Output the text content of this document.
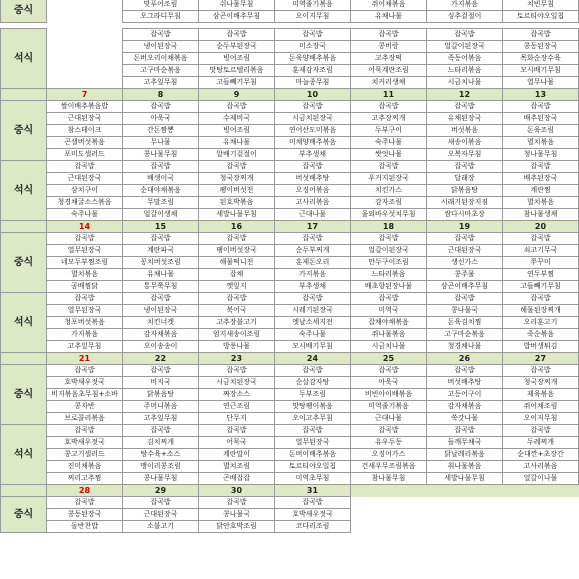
중식		맞푸어조림	쉬나물무침	미역줄기볶음	쥐어채볶음	가지볶음	치빈무침
		오그라디무침	삼곤이배추무침	오이지무침	유채나물	싱추겉절이	토르티야오일칩
석식		잡곡밥	잡곡밥	잡곡밥	잡곡밥	잡곡밥	잡곡밥
		냉이된장국	순두부된장국	미소장국	콩비랑	얼갈이된장국	콩동된장국
		돈버오리이채볶음	빙어조림	돈육양배추볶음	고추장떡	족동어볶음	목화순장수육
		고구마순볶음	맛탕토르텔리볶음	훈제감자조림	어묵계란조림	느타리볶음	모시배기무침
		고추잎무침	고들빼기무침	마늘종무침	치커리생채	시금치나물	열무나물
	7	8	9	10	11	12	13
중식	쌀이배추볶음밥	잡곡밥	잡곡밥	잡곡밥	잡곡밥	잡곡밥	잡곡밥
	근대된장국	아욱국	수제비국	시금치된장국	고추장찌개	유채된장국	배추된장국
	참스테이크	간돈짬뽕	빙어조림	연어산도미볶음	두부구이	버섯볶음	돈육조림
	곤샐버섯볶음	무나물	유채나물	미채양배추볶음	숙주나물	새송이볶음	멸치볶음
	포미도샐러드	콩나물무침	알배기겉절이	부추생채	쌋엇나물	오복자무침	청나물무침
석식	잡곡밥	잡곡밥	잡곡밥	잡곡밥	잡곡밥	잡곡밥	잡곡밥
	근대된장국	배생이국	청국장찌개	버섯배추탕	우거지된장국	달래장	배추된장국
	삼치구이	순대야채볶음	팽이버섯전	오징어볶음	치킨가스	닭볶음탕	계란찜
	청경채굴소스볶음	무말조림	된호박볶음	고사리볶음	감자조림	시래기된장지짐	멸치볶음
	숙주나물	얼갈이생채	세발나물무침	근대나물	울외바우섯치무침	쌈다시마초장	참나물생채
	14	15	16	17	18	19	20
중식	잡곡밥	잡곡밥	잡곡밥	잡곡밥	잡곡밥	잡곡밥	잡곡밥
	열무된장국	계란파국	팽이버섯장국	순두부찌개	얼갈이된장국	근대된장국	쇠고기무국
	네모두부찜조림	꽁치버섯조림	해물떡니전	훈제돈오리	만두구이조림	생선가스	쭈꾸미
	멸치볶음	유채나물	잡채	가지볶음	느타리볶음	콩주물	연두부찜
	곰배찜닭	통무쭉무침	깻잎지	부추생채	배초향된장나물	삼곤이배추무침	고들빼기무침
석식	잡곡밥	잡곡밥	잡곡밥	잡곡밥	잡곡밥	잡곡밥	잡곡밥
	열무된장국	냉이된장국	북어국	시레기된장국	미역국	콩나물국	해물된장찌개
	청포버섯볶음	치킨너겟	고추장불고기	엣날소세지전	잡채야채볶음	돈육김치찜	오리훈고기
	가지볶음	감자채볶음	엄지새송이조림	숙주나물	쥐나물볶음	고구마순볶음	죽순볶음
	고추잎무침	오이송송이	방풍나물	모시배기무침	시금치나물	청경채나물	밥버생튀김
	21	22	23	24	25	26	27
중식	잡곡밥	잡곡밥	잡곡밥	잡곡밥	잡곡밥	잡곡밥	잡곡밥
	호박새우젓국	비지국	시금치된장국	순살감자탕	아욱국	버섯배추탕	청국장찌개
	비지볶음초무침+소바	닭볶음탕	짜장소스	두부조림	비빈아이배볶음	고등어구이	제육볶음
	콩자반	주머니볶음	연근조림	맛탕팽이볶음	미역줄기볶음	감자채볶음	쥐어채조림
	브로콜리볶음	고추잎무침	단무지	오이고추무침	근대나물	쑥갓나물	오이지무침
석식	잡곡밥	잡곡밥	잡곡밥	잡곡밥	잡곡밥	잡곡밥	잡곡밥
	호박새우젓국	김치찌개	어묵국	열무된장국	유우두동	들깨무채국	두레찌개
	콩고기샐러드	탕수육+소스	계란말이	돈버이배추볶음	오징어가스	닭날레리볶음	순대깐+초장간
	진미채볶음	맹이리콩조림	멸치조림	토르티야오일칩	건새우무조림볶음	취나물볶음	고사리볶음
	찌리고추찜	콩나물무침	곤배잡잡	미역초무침	참나물무침	세발나물무침	얼갈이나물
	28	29	30	31			
중식	잡곡밥	잡곡밥	잡곡밥	잡곡밥			
	콩동된장국	근대된장국	콩나물국	호박새우젓국			
	돌반찬밥	소불고기	닭안호박조림	코다리조림			
